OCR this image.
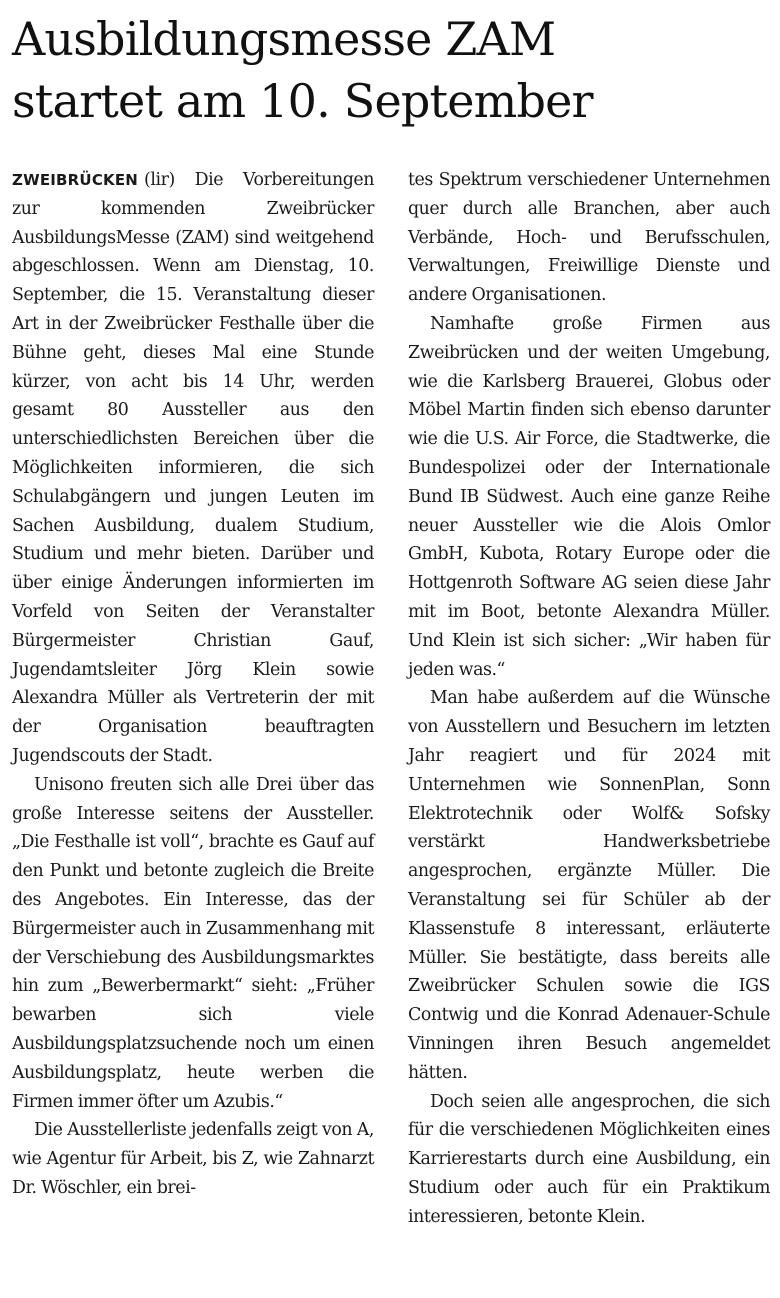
Ausbildungsmesse ZAM
startet am 10. September

ZWEIBRÜCKEN (lir) Die Vorbereitungen zur kommenden Zweibrücker AusbildungsMesse (ZAM) sind weitgehend abgeschlossen. Wenn am Dienstag, 10. September, die 15. Veranstaltung dieser Art in der Zweibrücker Festhalle über die Bühne geht, dieses Mal eine Stunde kürzer, von acht bis 14 Uhr, werden gesamt 80 Aussteller aus den unterschiedlichsten Bereichen über die Möglichkeiten informieren, die sich Schulabgängern und jungen Leuten im Sachen Ausbildung, dualem Studium, Studium und mehr bieten. Darüber und über einige Änderungen informierten im Vorfeld von Seiten der Veranstalter Bürgermeister Christian Gauf, Jugendamtsleiter Jörg Klein sowie Alexandra Müller als Vertreterin der mit der Organisation beauftragten Jugendscouts der Stadt.

Unisono freuten sich alle Drei über das große Interesse seitens der Aussteller. „Die Festhalle ist voll“, brachte es Gauf auf den Punkt und betonte zugleich die Breite des Angebotes. Ein Interesse, das der Bürgermeister auch in Zusammenhang mit der Verschiebung des Ausbildungsmarktes hin zum „Bewerbermarkt“ sieht: „Früher bewarben sich viele Ausbildungsplatzsuchende noch um einen Ausbildungsplatz, heute werben die Firmen immer öfter um Azubis.“

Die Ausstellerliste jedenfalls zeigt von A, wie Agentur für Arbeit, bis Z, wie Zahnarzt Dr. Wöschler, ein brei-

tes Spektrum verschiedener Unternehmen quer durch alle Branchen, aber auch Verbände, Hoch- und Berufsschulen, Verwaltungen, Freiwillige Dienste und andere Organisationen.

Namhafte große Firmen aus Zweibrücken und der weiten Umgebung, wie die Karlsberg Brauerei, Globus oder Möbel Martin finden sich ebenso darunter wie die U.S. Air Force, die Stadtwerke, die Bundespolizei oder der Internationale Bund IB Südwest. Auch eine ganze Reihe neuer Aussteller wie die Alois Omlor GmbH, Kubota, Rotary Europe oder die Hottgenroth Software AG seien diese Jahr mit im Boot, betonte Alexandra Müller. Und Klein ist sich sicher: „Wir haben für jeden was.“

Man habe außerdem auf die Wünsche von Ausstellern und Besuchern im letzten Jahr reagiert und für 2024 mit Unternehmen wie SonnenPlan, Sonn Elektrotechnik oder Wolf& Sofsky verstärkt Handwerksbetriebe angesprochen, ergänzte Müller. Die Veranstaltung sei für Schüler ab der Klassenstufe 8 interessant, erläuterte Müller. Sie bestätigte, dass bereits alle Zweibrücker Schulen sowie die IGS Contwig und die Konrad Adenauer-Schule Vinningen ihren Besuch angemeldet hätten.

Doch seien alle angesprochen, die sich für die verschiedenen Möglichkeiten eines Karrierestarts durch eine Ausbildung, ein Studium oder auch für ein Praktikum interessieren, betonte Klein.
